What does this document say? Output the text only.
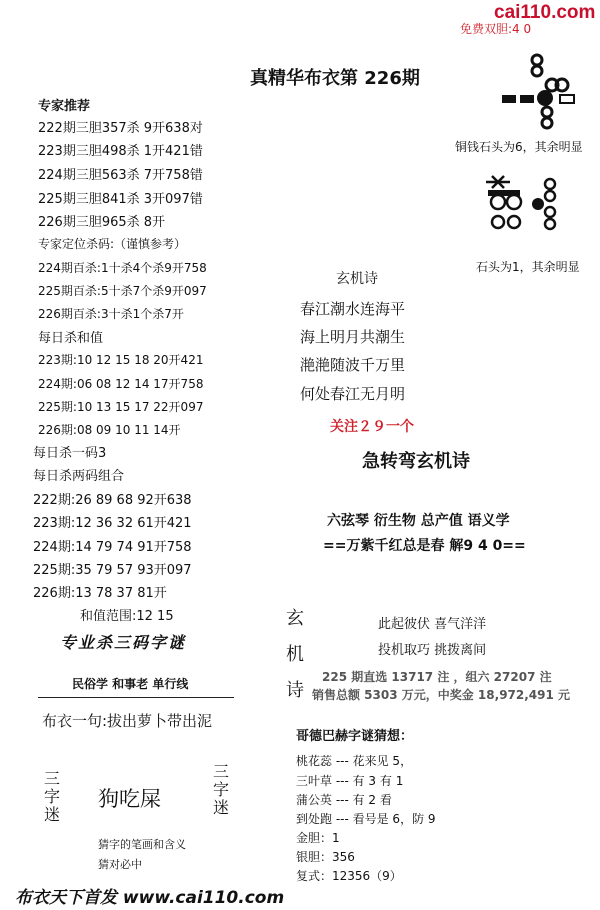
cai110.com
免费双胆:4 0
真精华布衣第 226期
专家推荐
222期三胆357杀 9开638对
223期三胆498杀 1开421错
224期三胆563杀 7开758错
225期三胆841杀 3开097错
226期三胆965杀 8开
专家定位杀码:（谨慎参考）
224期百杀:1十杀4个杀9开758
225期百杀:5十杀7个杀9开097
226期百杀:3十杀1个杀7开
每日杀和值
223期:10 12 15 18 20开421
224期:06 08 12 14 17开758
225期:10 13 15 17 22开097
226期:08 09 10 11 14开
每日杀一码3
每日杀两码组合
222期:26 89 68 92开638
223期:12 36 32 61开421
224期:14 79 74 91开758
225期:35 79 57 93开097
226期:13 78 37 81开
和值范围:12 15
专业杀三码字谜
民俗学 和事老 单行线
布衣一句:拔出萝卜带出泥
三字迷
狗吃屎
三字迷
猜字的笔画和含义
猜对必中
布衣天下首发 www.cai110.com
铜钱石头为6，其余明显
石头为1，其余明显
玄机诗
春江潮水连海平
海上明月共潮生
滟滟随波千万里
何处春江无月明
关注２９一个
急转弯玄机诗
六弦琴 衍生物 总产值 语义学
==万紫千红总是春 解9 4 0==
玄
机
诗
此起彼伏 喜气洋洋
投机取巧 挑拨离间
225 期直选 13717 注 ，组六 27207 注
销售总额 5303 万元，中奖金 18,972,491 元
哥德巴赫字谜猜想：
桃花蕊 --- 花来见 5，
三叶草 --- 有 3 有 1
蒲公英 --- 有 2 看
到处跑 --- 看号是 6，防 9
金胆：1
银胆：356
复式：12356（9）
